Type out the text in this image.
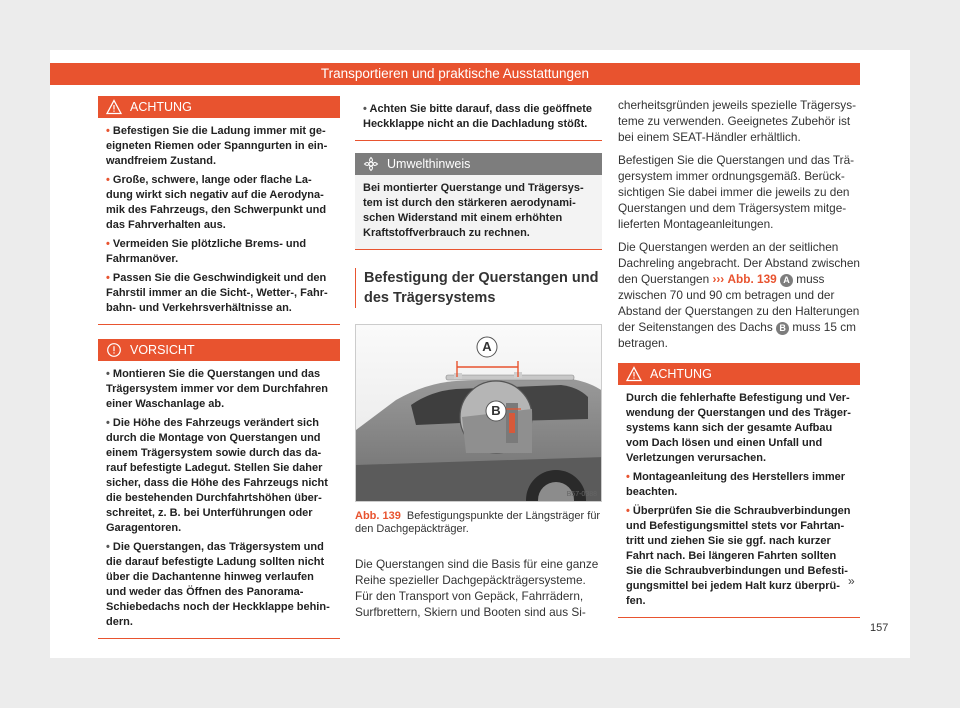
Transportieren und praktische Ausstattungen
ACHTUNG

• Befestigen Sie die Ladung immer mit geeigneten Riemen oder Spanngurten in einwandfreiem Zustand.

• Große, schwere, lange oder flache Ladung wirkt sich negativ auf die Aerodynamik des Fahrzeugs, den Schwerpunkt und das Fahrverhalten aus.

• Vermeiden Sie plötzliche Brems- und Fahrmanöver.

• Passen Sie die Geschwindigkeit und den Fahrstil immer an die Sicht-, Wetter-, Fahrbahn- und Verkehrsverhältnisse an.

VORSICHT

• Montieren Sie die Querstangen und das Trägersystem immer vor dem Durchfahren einer Waschanlage ab.

• Die Höhe des Fahrzeugs verändert sich durch die Montage von Querstangen und einem Trägersystem sowie durch das darauf befestigte Ladegut. Stellen Sie daher sicher, dass die Höhe des Fahrzeugs nicht die bestehenden Durchfahrtshöhen überschreitet, z. B. bei Unterführungen oder Garagentoren.

• Die Querstangen, das Trägersystem und die darauf befestigte Ladung sollten nicht über die Dachantenne hinweg verlaufen und weder das Öffnen des Panorama-Schiebedachs noch der Heckklappe behindern.

• Achten Sie bitte darauf, dass die geöffnete Heckklappe nicht an die Dachladung stößt.

Umwelthinweis

Bei montierter Querstange und Trägersystem ist durch den stärkeren aerodynamischen Widerstand mit einem erhöhten Kraftstoffverbrauch zu rechnen.

Befestigung der Querstangen und des Trägersystems
A
B
B57-0388
Abb. 139 Befestigungspunkte der Längsträger für den Dachgepäckträger.

Die Querstangen sind die Basis für eine ganze Reihe spezieller Dachgepäckträgersysteme. Für den Transport von Gepäck, Fahrrädern, Surfbrettern, Skiern und Booten sind aus Si-

cherheitsgründen jeweils spezielle Trägersysteme zu verwenden. Geeignetes Zubehör ist bei einem SEAT-Händler erhältlich.

Befestigen Sie die Querstangen und das Trägersystem immer ordnungsgemäß. Berücksichtigen Sie dabei immer die jeweils zu den Querstangen und dem Trägersystem mitgelieferten Montageanleitungen.

Die Querstangen werden an der seitlichen Dachreling angebracht. Der Abstand zwischen den Querstangen ››› Abb. 139 A muss zwischen 70 und 90 cm betragen und der Abstand der Querstangen zu den Halterungen der Seitenstangen des Dachs B muss 15 cm betragen.

ACHTUNG

Durch die fehlerhafte Befestigung und Verwendung der Querstangen und des Trägersystems kann sich der gesamte Aufbau vom Dach lösen und einen Unfall und Verletzungen verursachen.

• Montageanleitung des Herstellers immer beachten.

• Überprüfen Sie die Schraubverbindungen und Befestigungsmittel stets vor Fahrtantritt und ziehen Sie sie ggf. nach kurzer Fahrt nach. Bei längeren Fahrten sollten Sie die Schraubverbindungen und Befestigungsmittel bei jedem Halt kurz überprüfen.

»
157
